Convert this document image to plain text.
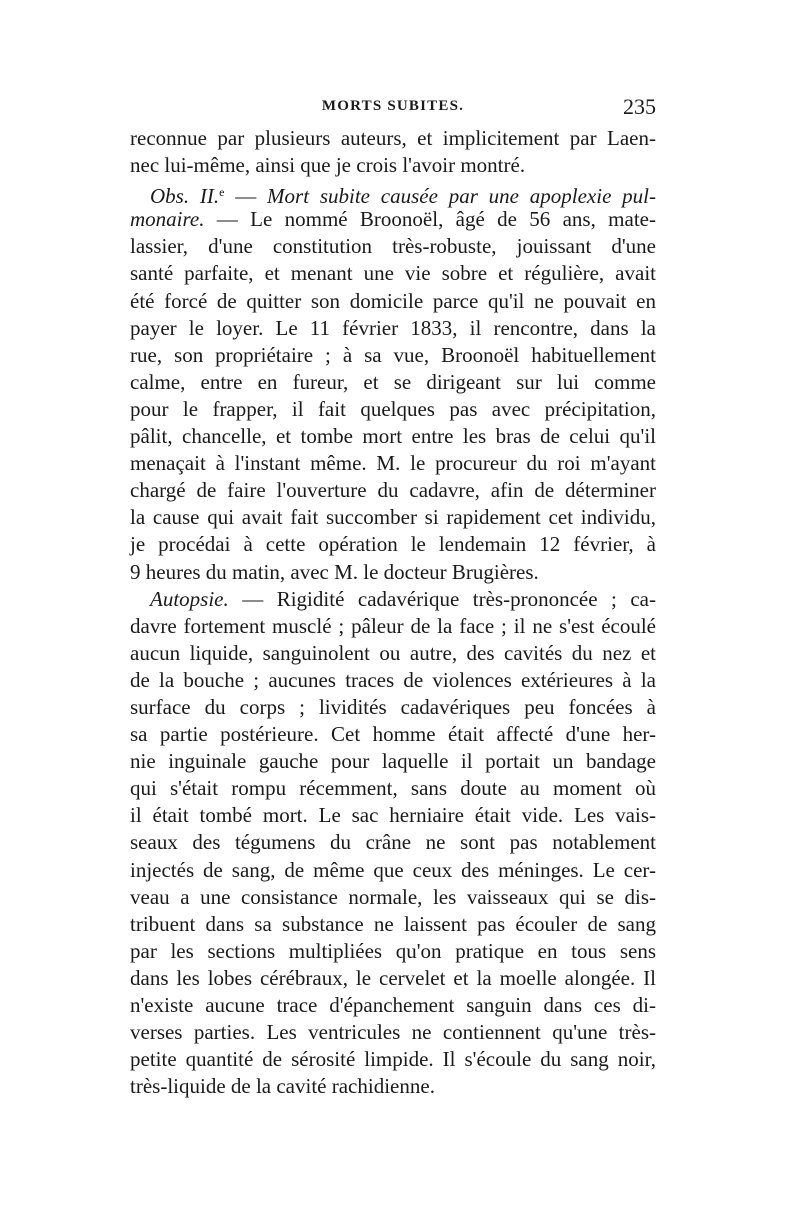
MORTS SUBITES.	235
reconnue par plusieurs auteurs, et implicitement par Laen-
nec lui-même, ainsi que je crois l'avoir montré.
Obs. II.$^e$ — Mort subite causée par une apoplexie pul-
monaire. — Le nommé Broonoël, âgé de 56 ans, mate-
lassier, d'une constitution très-robuste, jouissant d'une
santé parfaite, et menant une vie sobre et régulière, avait
été forcé de quitter son domicile parce qu'il ne pouvait en
payer le loyer. Le 11 février 1833, il rencontre, dans la
rue, son propriétaire ; à sa vue, Broonoël habituellement
calme, entre en fureur, et se dirigeant sur lui comme
pour le frapper, il fait quelques pas avec précipitation,
pâlit, chancelle, et tombe mort entre les bras de celui qu'il
menaçait à l'instant même. M. le procureur du roi m'ayant
chargé de faire l'ouverture du cadavre, afin de déterminer
la cause qui avait fait succomber si rapidement cet individu,
je procédai à cette opération le lendemain 12 février, à
9 heures du matin, avec M. le docteur Brugières.
Autopsie. — Rigidité cadavérique très-prononcée ; ca-
davre fortement musclé ; pâleur de la face ; il ne s'est écoulé
aucun liquide, sanguinolent ou autre, des cavités du nez et
de la bouche ; aucunes traces de violences extérieures à la
surface du corps ; lividités cadavériques peu foncées à
sa partie postérieure. Cet homme était affecté d'une her-
nie inguinale gauche pour laquelle il portait un bandage
qui s'était rompu récemment, sans doute au moment où
il était tombé mort. Le sac herniaire était vide. Les vais-
seaux des tégumens du crâne ne sont pas notablement
injectés de sang, de même que ceux des méninges. Le cer-
veau a une consistance normale, les vaisseaux qui se dis-
tribuent dans sa substance ne laissent pas écouler de sang
par les sections multipliées qu'on pratique en tous sens
dans les lobes cérébraux, le cervelet et la moelle alongée. Il
n'existe aucune trace d'épanchement sanguin dans ces di-
verses parties. Les ventricules ne contiennent qu'une très-
petite quantité de sérosité limpide. Il s'écoule du sang noir,
très-liquide de la cavité rachidienne.
